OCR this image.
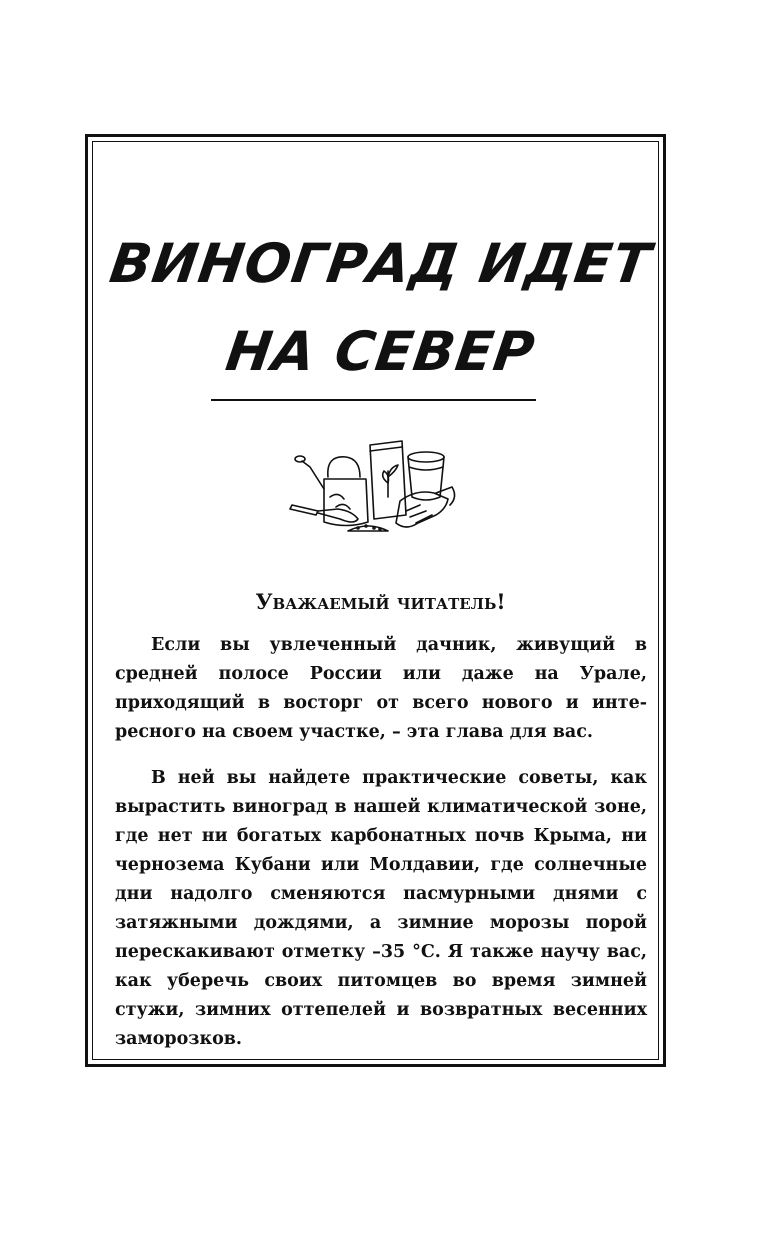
ВИНОГРАД ИДЕТ
НА СЕВЕР
Уважаемый читатель!

Если вы увлеченный дачник, живущий в средней полосе России или даже на Урале, приходящий в восторг от всего нового и интересного на своем участке, – эта глава для вас.

В ней вы найдете практические советы, как вырастить виноград в нашей климатической зоне, где нет ни богатых карбонатных почв Крыма, ни чернозема Кубани или Молдавии, где солнечные дни надолго сменяются пасмурными днями с затяжными дождями, а зимние морозы порой перескакивают отметку –35 °С. Я также научу вас, как уберечь своих питомцев во время зимней стужи, зимних оттепелей и возвратных весенних заморозков.
